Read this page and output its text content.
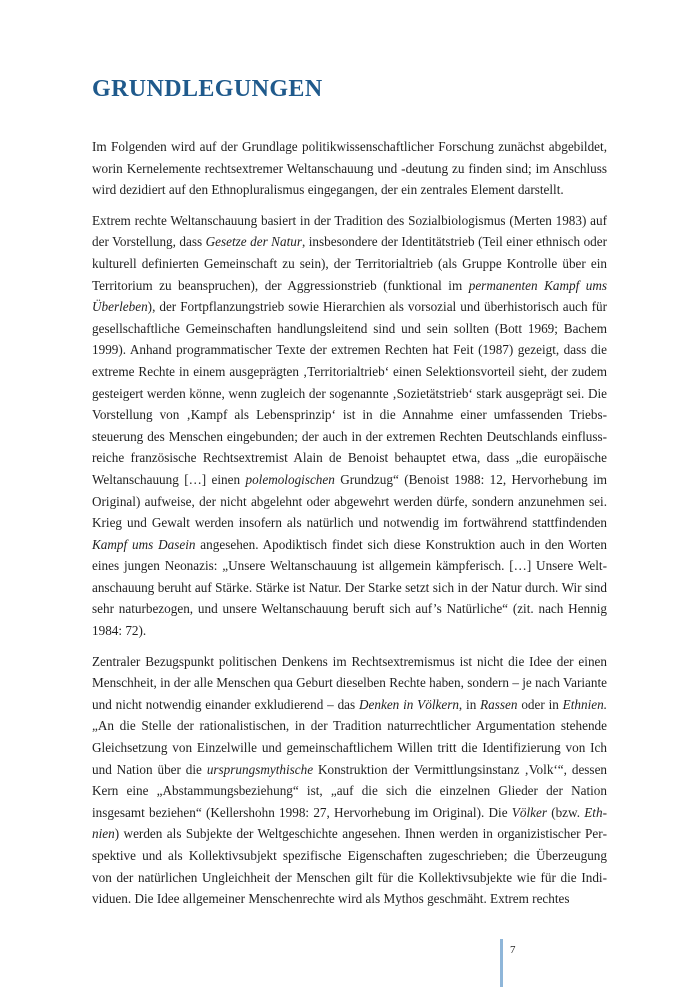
GRUNDLEGUNGEN

Im Folgenden wird auf der Grundlage politikwissenschaftlicher Forschung zunächst abgebildet, worin Kernelemente rechtsextremer Weltanschauung und -deutung zu finden sind; im Anschluss wird dezidiert auf den Ethnopluralismus eingegangen, der ein zentrales Element darstellt.

Extrem rechte Weltanschauung basiert in der Tradition des Sozialbiologismus (Merten 1983) auf der Vorstellung, dass Gesetze der Natur, insbesondere der Identitätstrieb (Teil einer ethnisch oder kulturell definierten Gemeinschaft zu sein), der Territorialtrieb (als Gruppe Kontrolle über ein Territorium zu beanspruchen), der Aggressionstrieb (funktional im permanenten Kampf ums Überleben), der Fortpflanzungstrieb sowie Hierarchien als vorsozial und überhistorisch auch für gesellschaftliche Gemeinschaften handlungsleitend sind und sein sollten (Bott 1969; Bachem 1999). Anhand programmatischer Texte der extremen Rechten hat Feit (1987) gezeigt, dass die extreme Rechte in einem ausgeprägten ‚Territorialtrieb‘ einen Selektionsvorteil sieht, der zudem gesteigert werden könne, wenn zugleich der sogenannte ‚Sozietätstrieb‘ stark ausgeprägt sei. Die Vorstellung von ‚Kampf als Lebensprinzip‘ ist in die Annahme einer umfassenden Triebssteuerung des Menschen eingebunden; der auch in der extremen Rechten Deutschlands einflussreiche französische Rechtsextremist Alain de Benoist behauptet etwa, dass „die europäische Weltanschauung […] einen polemologischen Grundzug“ (Benoist 1988: 12, Hervorhebung im Original) aufweise, der nicht abgelehnt oder abgewehrt werden dürfe, sondern anzunehmen sei. Krieg und Gewalt werden insofern als natürlich und notwendig im fortwährend stattfindenden Kampf ums Dasein angesehen. Apodiktisch findet sich diese Konstruktion auch in den Worten eines jungen Neonazis: „Unsere Weltanschauung ist allgemein kämpferisch. […] Unsere Weltanschauung beruht auf Stärke. Stärke ist Natur. Der Starke setzt sich in der Natur durch. Wir sind sehr naturbezogen, und unsere Weltanschauung beruft sich auf’s Natürliche“ (zit. nach Hennig 1984: 72).

Zentraler Bezugspunkt politischen Denkens im Rechtsextremismus ist nicht die Idee der einen Menschheit, in der alle Menschen qua Geburt dieselben Rechte haben, sondern – je nach Variante und nicht notwendig einander exkludierend – das Denken in Völkern, in Rassen oder in Ethnien. „An die Stelle der rationalistischen, in der Tradition naturrechtlicher Argumentation stehende Gleichsetzung von Einzelwille und gemeinschaftlichem Willen tritt die Identifizierung von Ich und Nation über die ursprungsmythische Konstruktion der Vermittlungsinstanz ‚Volk‘“, dessen Kern eine „Abstammungsbeziehung“ ist, „auf die sich die einzelnen Glieder der Nation insgesamt beziehen“ (Kellershohn 1998: 27, Hervorhebung im Original). Die Völker (bzw. Ethnien) werden als Subjekte der Weltgeschichte angesehen. Ihnen werden in organizistischer Perspektive und als Kollektivsubjekt spezifische Eigenschaften zugeschrieben; die Überzeugung von der natürlichen Ungleichheit der Menschen gilt für die Kollektivsubjekte wie für die Individuen. Die Idee allgemeiner Menschenrechte wird als Mythos geschmäht. Extrem rechtes

7
